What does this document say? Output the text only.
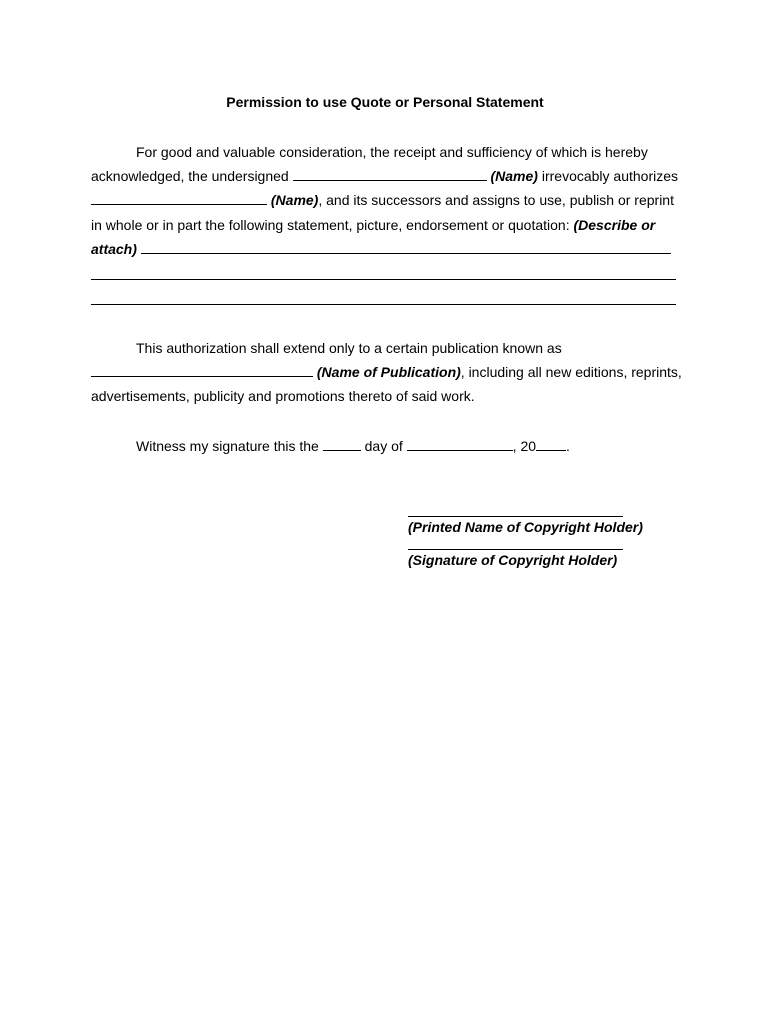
Permission to use Quote or Personal Statement
For good and valuable consideration, the receipt and sufficiency of which is hereby
acknowledged, the undersigned	(Name) irrevocably authorizes
(Name), and its successors and assigns to use, publish or reprint
in whole or in part the following statement, picture, endorsement or quotation: (Describe or
attach)
This authorization shall extend only to a certain publication known as
(Name of Publication), including all new editions, reprints,
advertisements, publicity and promotions thereto of said work.
Witness my signature this the	day of	, 20 .
(Printed Name of Copyright Holder)
(Signature of Copyright Holder)
